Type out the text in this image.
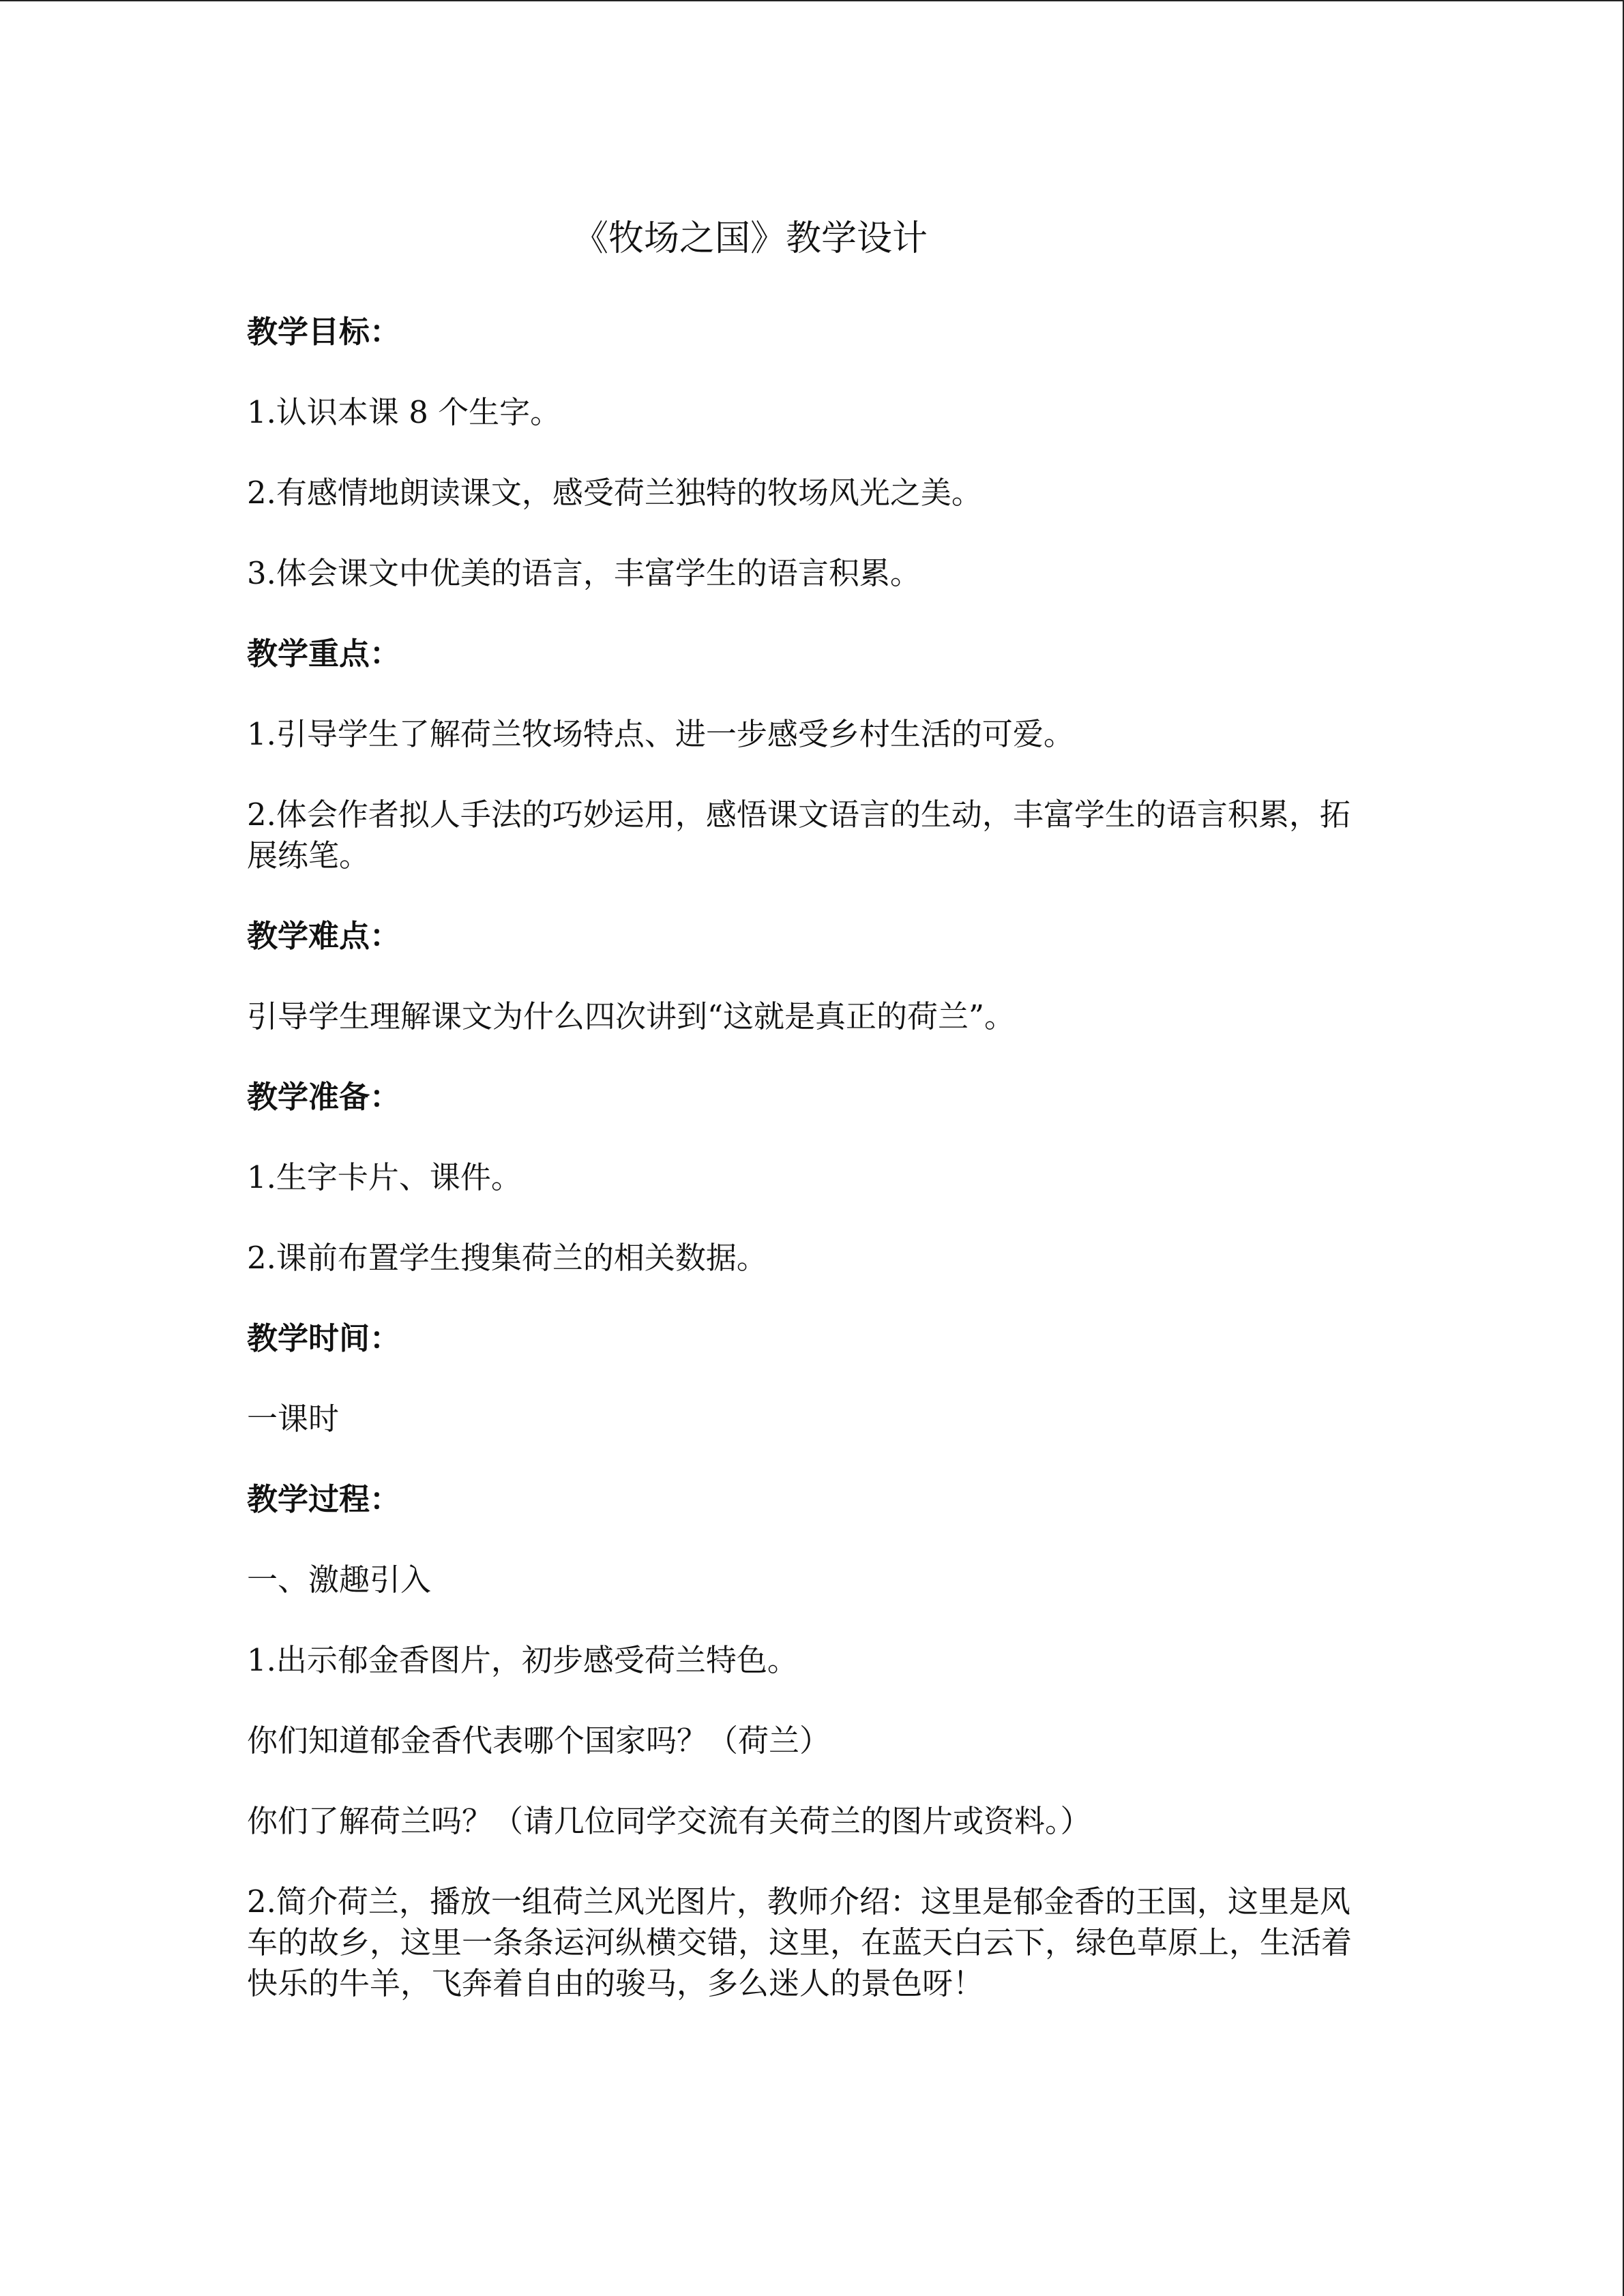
《牧场之国》教学设计

教学目标：

1.认识本课 8 个生字。

2.有感情地朗读课文，感受荷兰独特的牧场风光之美。

3.体会课文中优美的语言，丰富学生的语言积累。

教学重点：

1.引导学生了解荷兰牧场特点、进一步感受乡村生活的可爱。

2.体会作者拟人手法的巧妙运用，感悟课文语言的生动，丰富学生的语言积累，拓展练笔。

教学难点：

引导学生理解课文为什么四次讲到“这就是真正的荷兰”。

教学准备：

1.生字卡片、课件。

2.课前布置学生搜集荷兰的相关数据。

教学时间：

一课时

教学过程：

一、激趣引入

1.出示郁金香图片，初步感受荷兰特色。

你们知道郁金香代表哪个国家吗？（荷兰）

你们了解荷兰吗？（请几位同学交流有关荷兰的图片或资料。）

2.简介荷兰，播放一组荷兰风光图片，教师介绍：这里是郁金香的王国，这里是风车的故乡，这里一条条运河纵横交错，这里，在蓝天白云下，绿色草原上，生活着快乐的牛羊，飞奔着自由的骏马，多么迷人的景色呀！
